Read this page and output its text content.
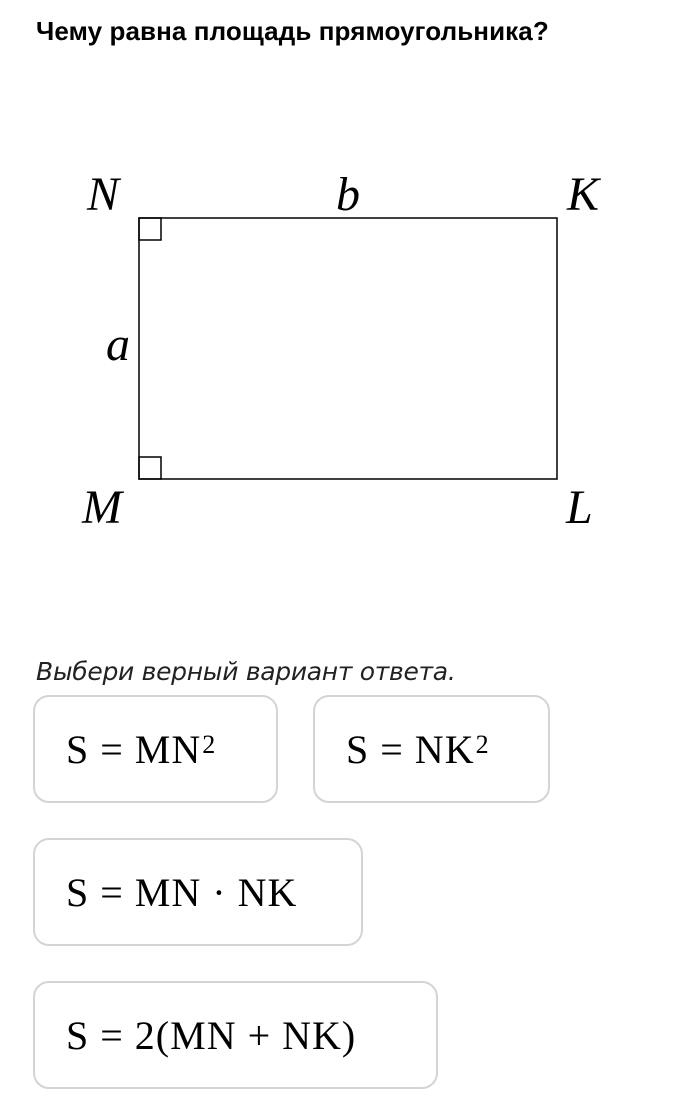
Чему равна площадь прямоугольника?
N	K
M	L
b
a
Выбери верный вариант ответа.
$S = MN^2$	$S = NK^2$
S = MN · NK
S = 2(MN + NK)
